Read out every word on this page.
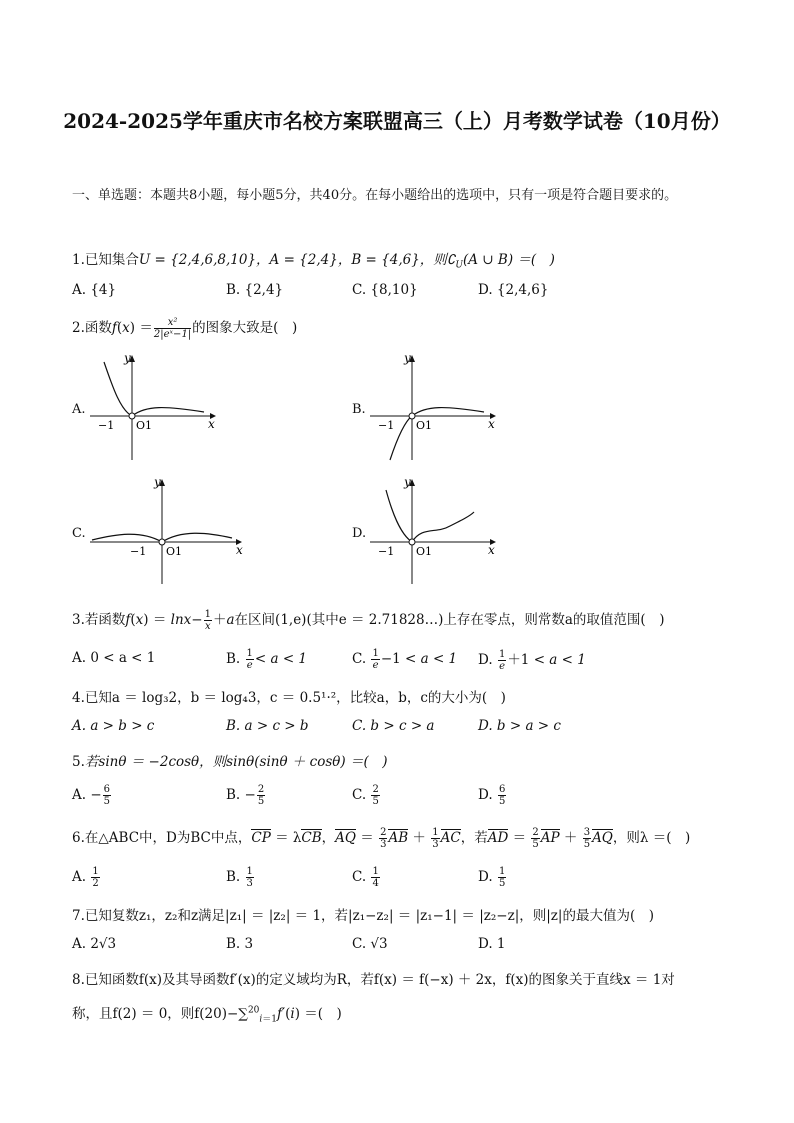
2024-2025学年重庆市名校方案联盟高三（上）月考数学试卷（10月份）
一、单选题：本题共8小题，每小题5分，共40分。在每小题给出的选项中，只有一项是符合题目要求的。
1.已知集合U = {2,4,6,8,10}，A = {2,4}，B = {4,6}，则$∁_U(A$ ∪ B) ＝(　)
A. {4}	B. {2,4}	C. {8,10}	D. {2,4,6}
2.函数$f(x) = \frac{\text{x²}}{\text{2|eˣ−1|}}$ 的图象大致是(　)
A.
y
x
−1 O1
B.
y
x
−1 O1
C.
y
x
−1 O1
D.
y
x
−1 O1
3.若函数$f(x) = \ln x- \frac{1}{x} +a$在区间(1,e)(其中e ＝ 2.71828…)上存在零点，则常数a的取值范围(　)
A. 0 < a < 1	B. $\frac{1}{e} < a < 1$	C. $\frac{1}{e} -1 < a < 1$ D. $\frac{1}{e} +1 < a < 1$
4.已知a ＝ log₃2，b ＝ log₄3，c ＝ 0.5¹·²，比较a，b，c的大小为(　)
A. a > b > c	B. a > c > b	C. b > c > a	D. b > a > c
5.若sinθ ＝ −2cosθ，则sinθ(sinθ ＋ cosθ) ＝(　)
A. − $\frac{6}{5}$	B. − $\frac{2}{5}$	C. $\frac{2}{5}$	D. $\frac{6}{5}$
6.在△ABC中，D为BC中点，CP ＝ λCB，AQ ＝ $\frac{2}{3}$ AB ＋ $\frac{1}{3}$ AC，若AD ＝ $\frac{2}{5}$ AP ＋ $\frac{3}{5}$ AQ，则λ ＝(　)
A. $\frac{1}{2}$	B. $\frac{1}{3}$	C. $\frac{1}{4}$	D. $\frac{1}{5}$
7.已知复数z₁，z₂和z满足|z₁| ＝ |z₂| ＝ 1，若|z₁−z₂| ＝ |z₁−1| ＝ |z₂−z|，则|z|的最大值为(　)
A. 2√3	B. 3	C. √3	D. 1
8.已知函数f(x)及其导函数f′(x)的定义域均为R，若f(x) ＝ f(−x) ＋ 2x，f(x)的图象关于直线x ＝ 1对
称，且f(2) ＝ 0，则f(20)−∑$^{20}_{i=1}$f′(i) ＝(　)
